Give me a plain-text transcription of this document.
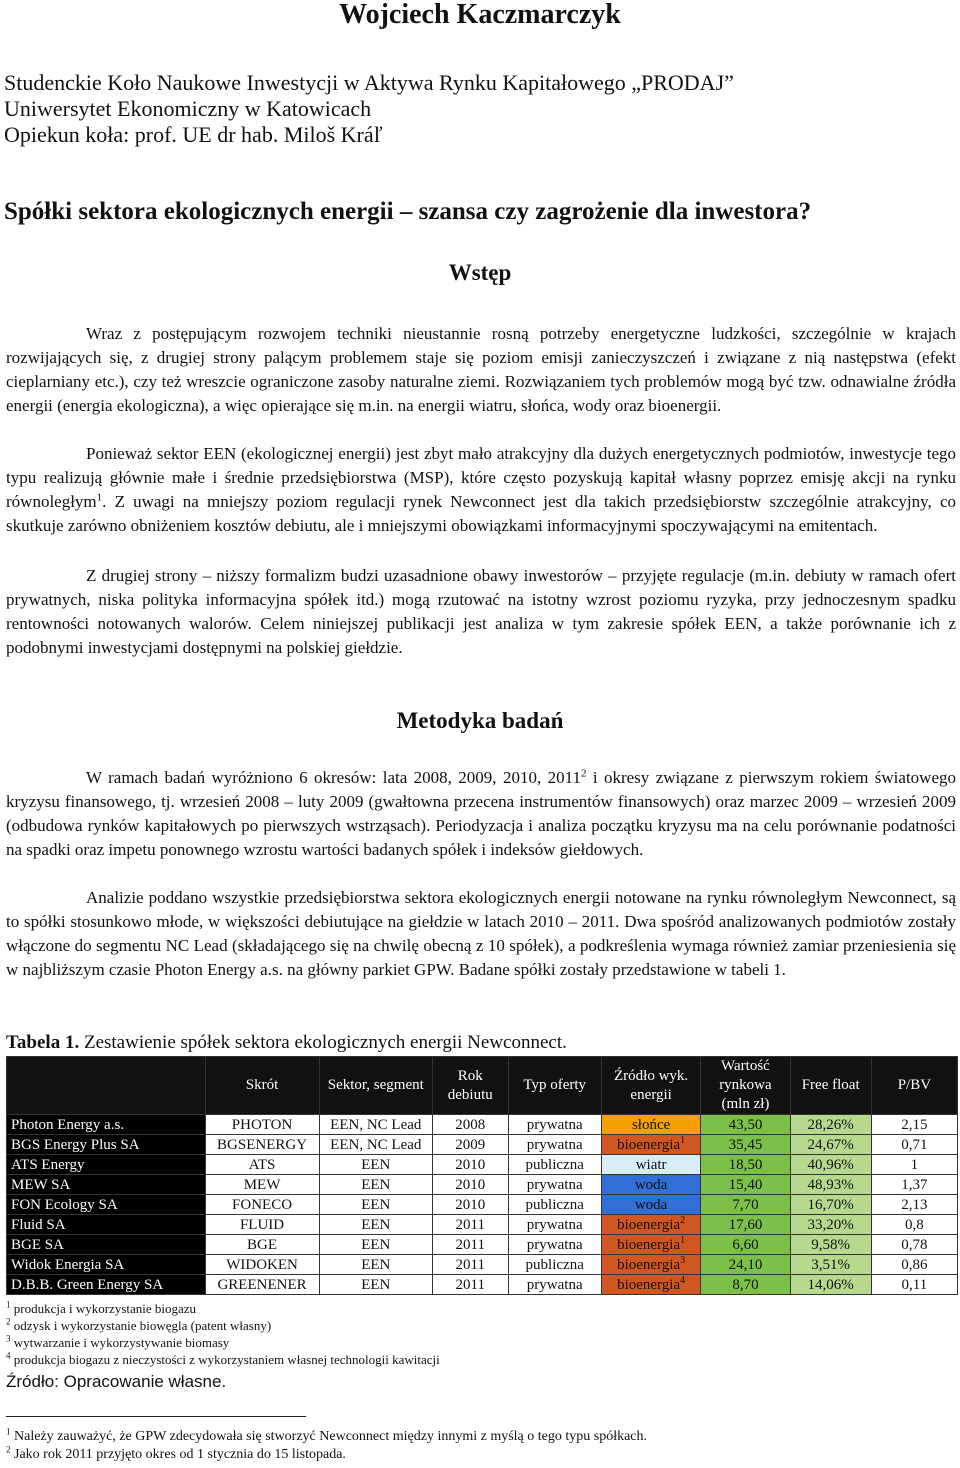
Wojciech Kaczmarczyk
Studenckie Koło Naukowe Inwestycji w Aktywa Rynku Kapitałowego „PRODAJ”
Uniwersytet Ekonomiczny w Katowicach
Opiekun koła: prof. UE dr hab. Miloš Kráľ
Spółki sektora ekologicznych energii – szansa czy zagrożenie dla inwestora?
Wstęp

Wraz z postępującym rozwojem techniki nieustannie rosną potrzeby energetyczne ludzkości, szczególnie w krajach rozwijających się, z drugiej strony palącym problemem staje się poziom emisji zanieczyszczeń i związane z nią następstwa (efekt cieplarniany etc.), czy też wreszcie ograniczone zasoby naturalne ziemi. Rozwiązaniem tych problemów mogą być tzw. odnawialne źródła energii (energia ekologiczna), a więc opierające się m.in. na energii wiatru, słońca, wody oraz bioenergii.

Ponieważ sektor EEN (ekologicznej energii) jest zbyt mało atrakcyjny dla dużych energetycznych podmiotów, inwestycje tego typu realizują głównie małe i średnie przedsiębiorstwa (MSP), które często pozyskują kapitał własny poprzez emisję akcji na rynku równoległym$^1$. Z uwagi na mniejszy poziom regulacji rynek Newconnect jest dla takich przedsiębiorstw szczególnie atrakcyjny, co skutkuje zarówno obniżeniem kosztów debiutu, ale i mniejszymi obowiązkami informacyjnymi spoczywającymi na emitentach.

Z drugiej strony – niższy formalizm budzi uzasadnione obawy inwestorów – przyjęte regulacje (m.in. debiuty w ramach ofert prywatnych, niska polityka informacyjna spółek itd.) mogą rzutować na istotny wzrost poziomu ryzyka, przy jednoczesnym spadku rentowności notowanych walorów. Celem niniejszej publikacji jest analiza w tym zakresie spółek EEN, a także porównanie ich z podobnymi inwestycjami dostępnymi na polskiej giełdzie.

Metodyka badań

W ramach badań wyróżniono 6 okresów: lata 2008, 2009, 2010, 2011$^2$ i okresy związane z pierwszym rokiem światowego kryzysu finansowego, tj. wrzesień 2008 – luty 2009 (gwałtowna przecena instrumentów finansowych) oraz marzec 2009 – wrzesień 2009 (odbudowa rynków kapitałowych po pierwszych wstrząsach). Periodyzacja i analiza początku kryzysu ma na celu porównanie podatności na spadki oraz impetu ponownego wzrostu wartości badanych spółek i indeksów giełdowych.

Analizie poddano wszystkie przedsiębiorstwa sektora ekologicznych energii notowane na rynku równoległym Newconnect, są to spółki stosunkowo młode, w większości debiutujące na giełdzie w latach 2010 – 2011. Dwa spośród analizowanych podmiotów zostały włączone do segmentu NC Lead (składającego się na chwilę obecną z 10 spółek), a podkreślenia wymaga również zamiar przeniesienia się w najbliższym czasie Photon Energy a.s. na główny parkiet GPW. Badane spółki zostały przedstawione w tabeli 1.

Tabela 1. Zestawienie spółek sektora ekologicznych energii Newconnect.
	Skrót	Sektor, segment	Rok debiutu	Typ oferty	Źródło wyk. energii	Wartość rynkowa (mln zł)	Free float	P/BV
Photon Energy a.s.	PHOTON	EEN, NC Lead	2008	prywatna	słońce	43,50	28,26%	2,15
BGS Energy Plus SA	BGSENERGY	EEN, NC Lead	2009	prywatna	bioenergia$^1$	35,45	24,67%	0,71
ATS Energy	ATS	EEN	2010	publiczna	wiatr	18,50	40,96%	1
MEW SA	MEW	EEN	2010	prywatna	woda	15,40	48,93%	1,37
FON Ecology SA	FONECO	EEN	2010	publiczna	woda	7,70	16,70%	2,13
Fluid SA	FLUID	EEN	2011	prywatna	bioenergia$^2$	17,60	33,20%	0,8
BGE SA	BGE	EEN	2011	prywatna	bioenergia$^1$	6,60	9,58%	0,78
Widok Energia SA	WIDOKEN	EEN	2011	publiczna	bioenergia$^3$	24,10	3,51%	0,86
D.B.B. Green Energy SA	GREENENER	EEN	2011	prywatna	bioenergia$^4$	8,70	14,06%	0,11
$^1$ produkcja i wykorzystanie biogazu
$^2$ odzysk i wykorzystanie biowęgla (patent własny)
$^3$ wytwarzanie i wykorzystywanie biomasy
$^4$ produkcja biogazu z nieczystości z wykorzystaniem własnej technologii kawitacji
Źródło: Opracowanie własne.
$^1$ Należy zauważyć, że GPW zdecydowała się stworzyć Newconnect między innymi z myślą o tego typu spółkach.
$^2$ Jako rok 2011 przyjęto okres od 1 stycznia do 15 listopada.
